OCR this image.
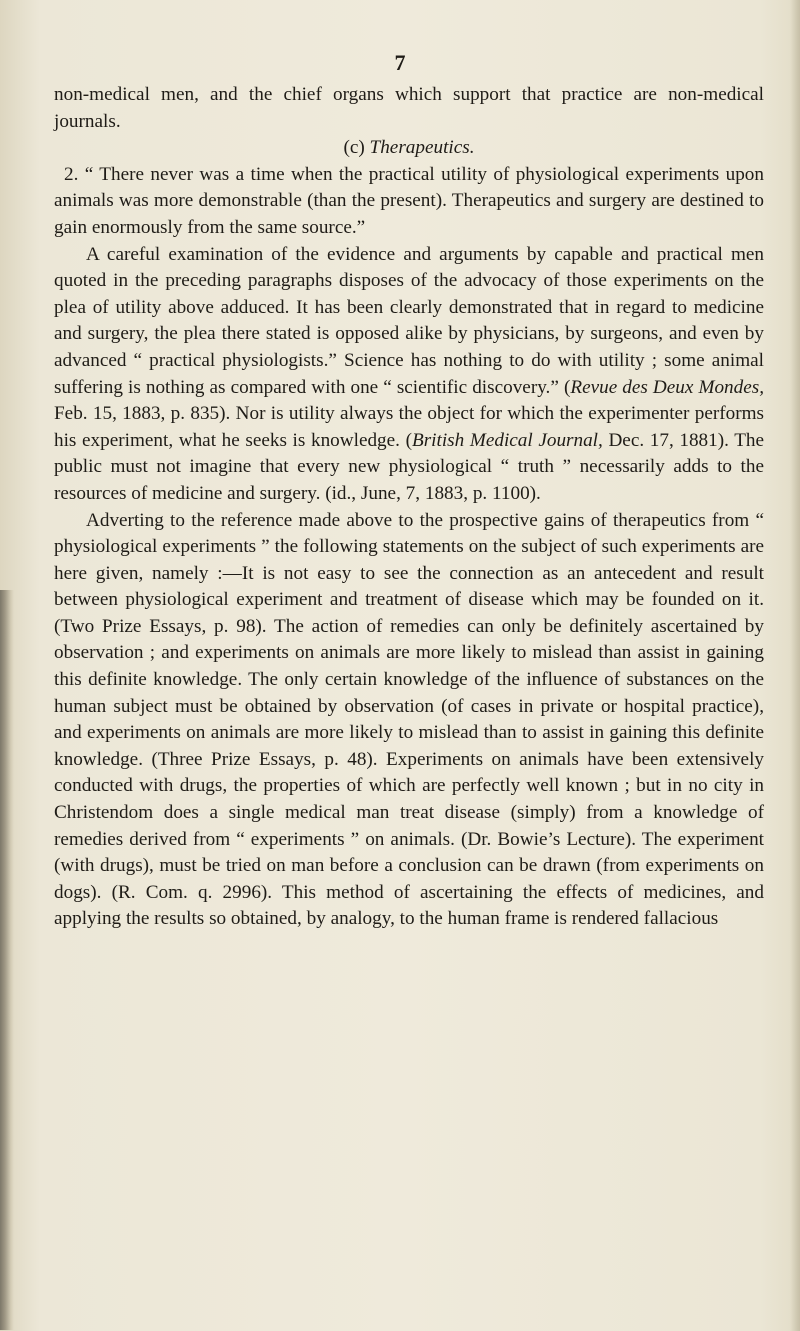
7

non-medical men, and the chief organs which support that practice are non-medical journals.

(c) Therapeutics.

2. “ There never was a time when the practical utility of physiological experiments upon animals was more demonstrable (than the present). Therapeutics and surgery are destined to gain enormously from the same source.”

A careful examination of the evidence and arguments by capable and practical men quoted in the preceding paragraphs disposes of the advocacy of those experiments on the plea of utility above adduced. It has been clearly demonstrated that in regard to medicine and surgery, the plea there stated is opposed alike by physicians, by surgeons, and even by advanced “ practical physiologists.” Science has nothing to do with utility ; some animal suffering is nothing as compared with one “ scientific discovery.” (Revue des Deux Mondes, Feb. 15, 1883, p. 835). Nor is utility always the object for which the experimenter performs his experiment, what he seeks is knowledge. (British Medical Journal, Dec. 17, 1881). The public must not imagine that every new physiological “ truth ” necessarily adds to the resources of medicine and surgery. (id., June, 7, 1883, p. 1100).

Adverting to the reference made above to the prospective gains of therapeutics from “ physiological experiments ” the following statements on the subject of such experiments are here given, namely :—It is not easy to see the connection as an antecedent and result between physiological experiment and treatment of disease which may be founded on it. (Two Prize Essays, p. 98). The action of remedies can only be definitely ascertained by observation ; and experiments on animals are more likely to mislead than assist in gaining this definite knowledge. The only certain knowledge of the influence of substances on the human subject must be obtained by observation (of cases in private or hospital practice), and experiments on animals are more likely to mislead than to assist in gaining this definite knowledge. (Three Prize Essays, p. 48). Experiments on animals have been extensively conducted with drugs, the properties of which are perfectly well known ; but in no city in Christendom does a single medical man treat disease (simply) from a knowledge of remedies derived from “ experiments ” on animals. (Dr. Bowie’s Lecture). The experiment (with drugs), must be tried on man before a conclusion can be drawn (from experiments on dogs). (R. Com. q. 2996). This method of ascertaining the effects of medicines, and applying the results so obtained, by analogy, to the human frame is rendered fallacious
